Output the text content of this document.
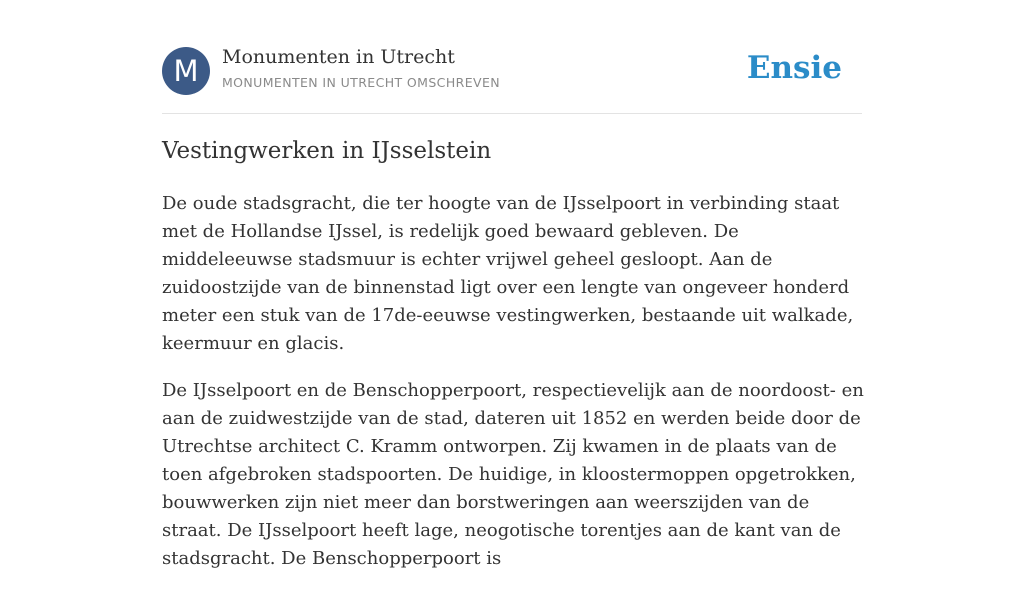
M	Monumenten in Utrecht
MONUMENTEN IN UTRECHT OMSCHREVEN	Ensie
Vestingwerken in IJsselstein

De oude stadsgracht, die ter hoogte van de IJsselpoort in verbinding staat met de Hollandse IJssel, is redelijk goed bewaard gebleven. De middeleeuwse stadsmuur is echter vrijwel geheel gesloopt. Aan de zuidoostzijde van de binnenstad ligt over een lengte van ongeveer honderd meter een stuk van de 17de-eeuwse vestingwerken, bestaande uit walkade, keermuur en glacis.

De IJsselpoort en de Benschopperpoort, respectievelijk aan de noordoost- en aan de zuidwestzijde van de stad, dateren uit 1852 en werden beide door de Utrechtse architect C. Kramm ontworpen. Zij kwamen in de plaats van de toen afgebroken stadspoorten. De huidige, in kloostermoppen opgetrokken, bouwwerken zijn niet meer dan borstweringen aan weerszijden van de straat. De IJsselpoort heeft lage, neogotische torentjes aan de kant van de stadsgracht. De Benschopperpoort is
